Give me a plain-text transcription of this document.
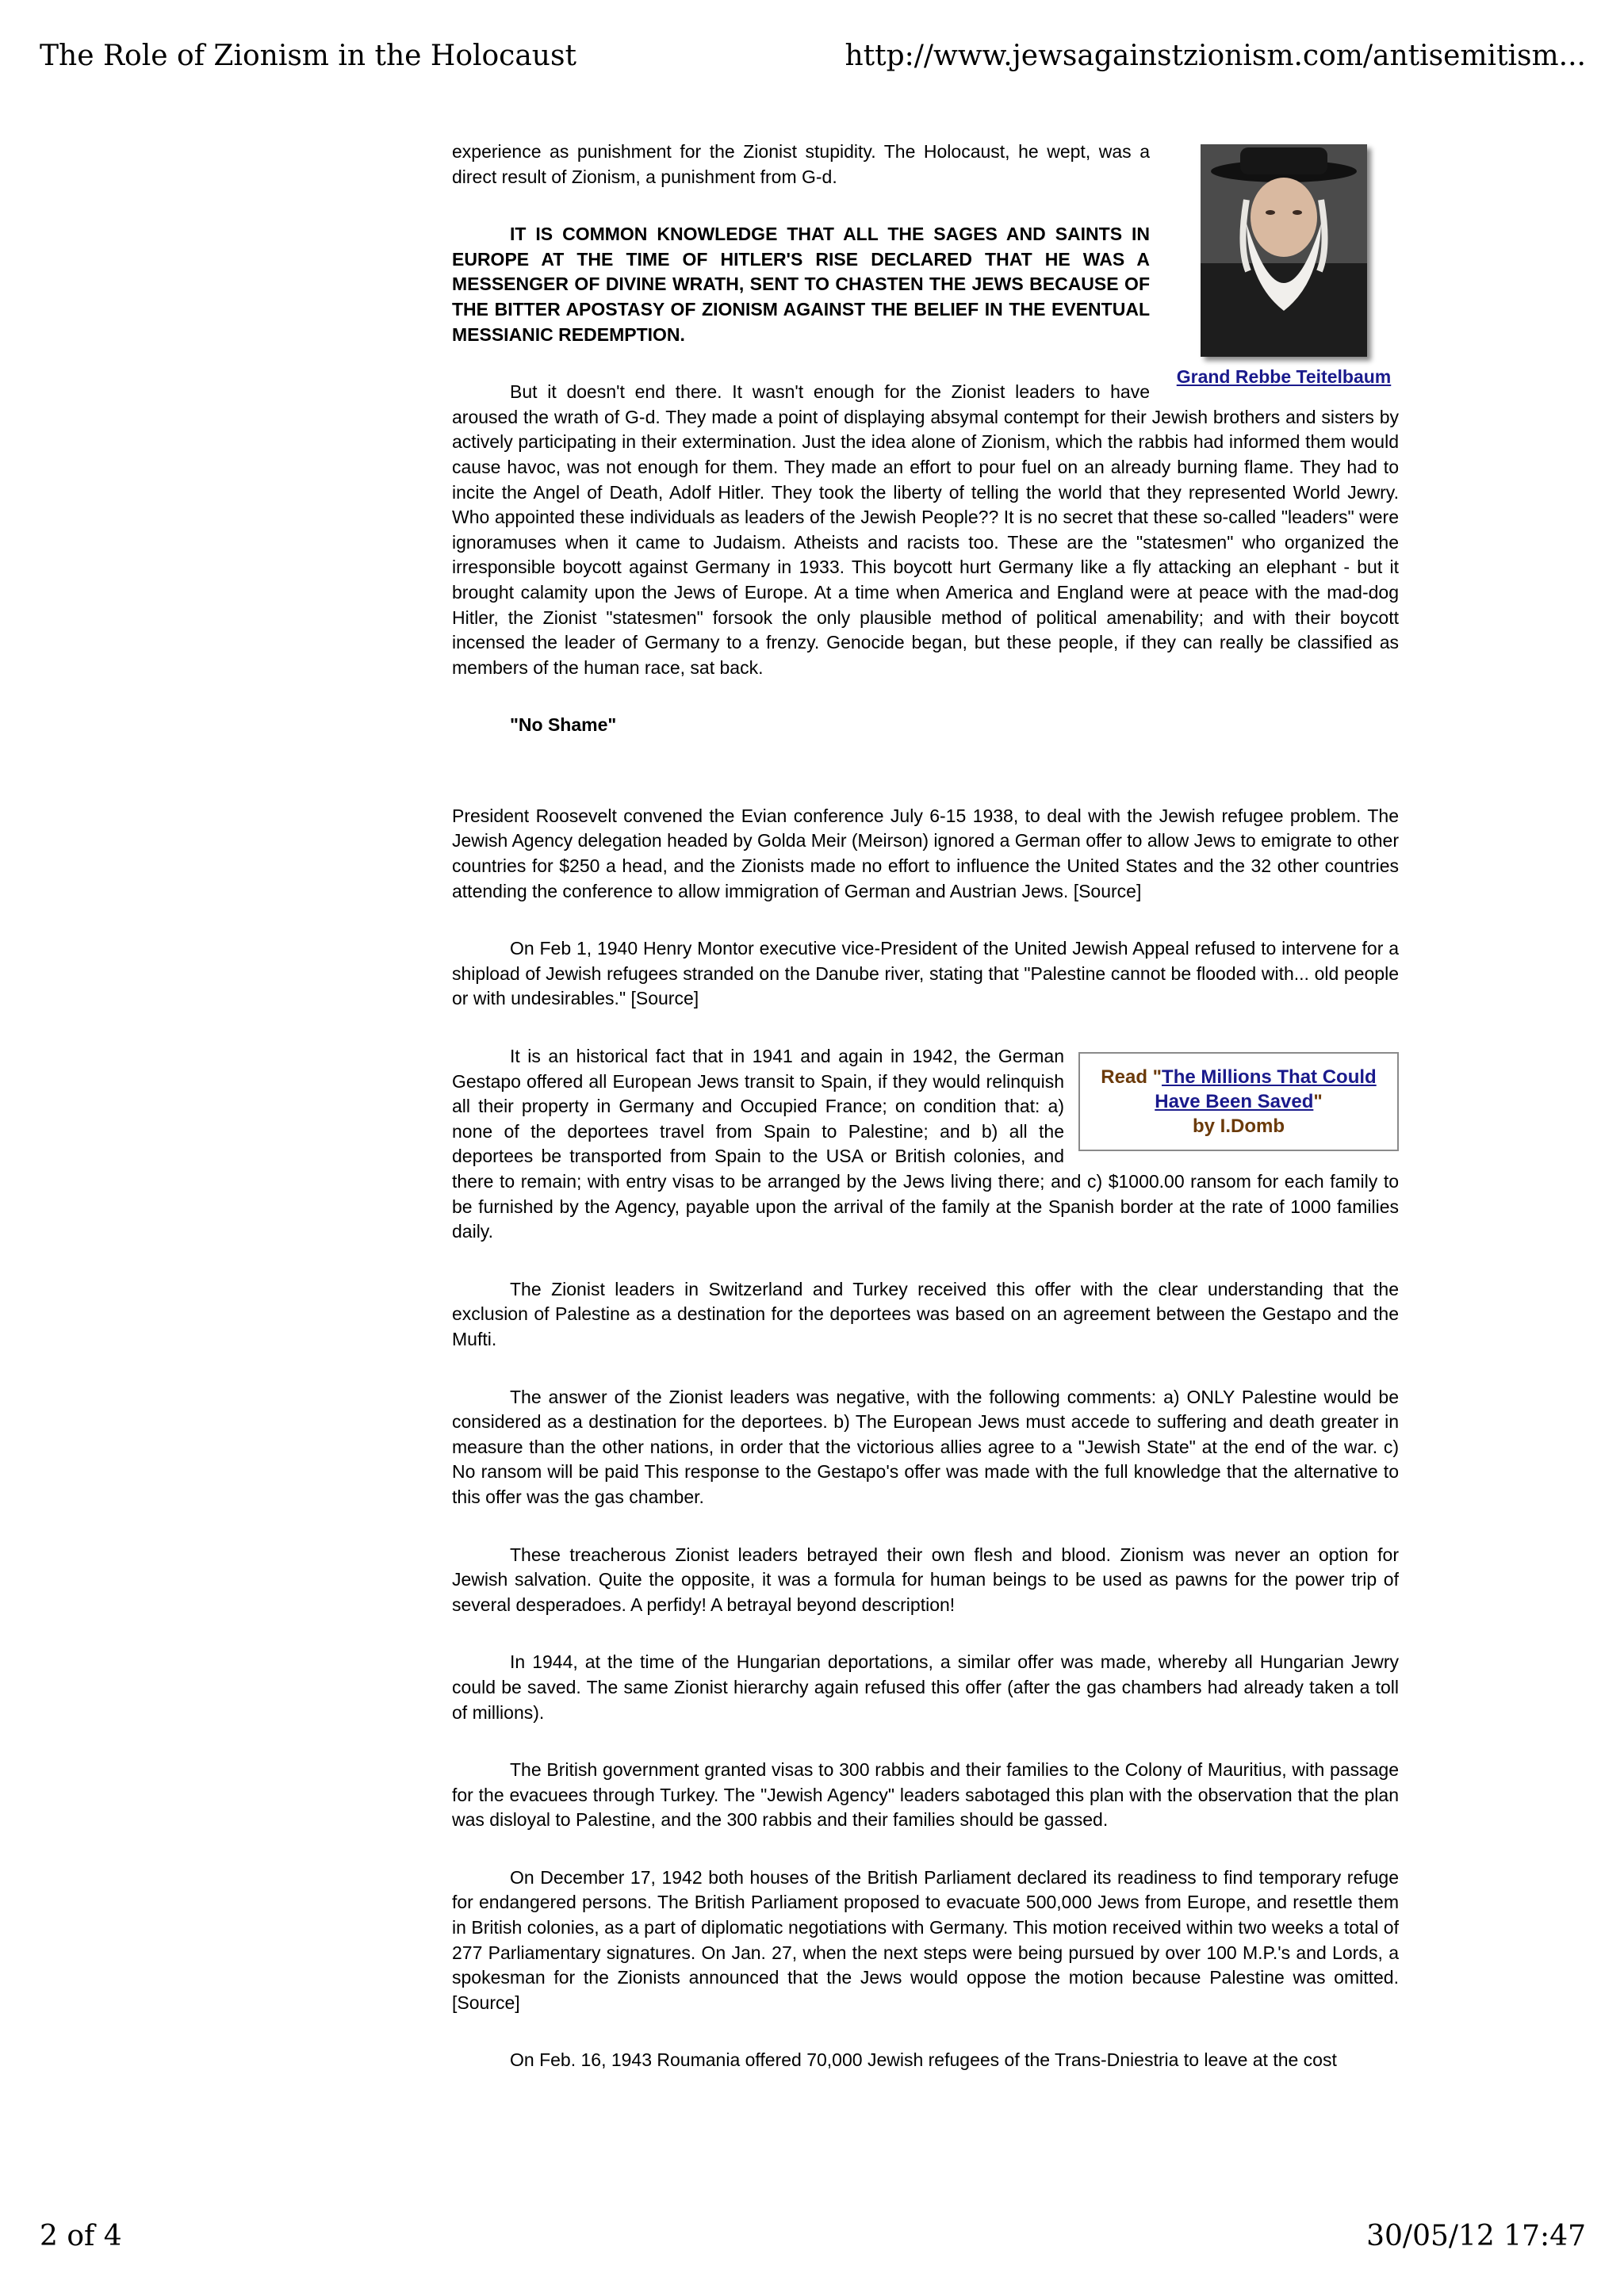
The Role of Zionism in the Holocaust	http://www.jewsagainstzionism.com/antisemitism...
Grand Rebbe Teitelbaum

experience as punishment for the Zionist stupidity. The Holocaust, he wept, was a direct result of Zionism, a punishment from G-d.

IT IS COMMON KNOWLEDGE THAT ALL THE SAGES AND SAINTS IN EUROPE AT THE TIME OF HITLER'S RISE DECLARED THAT HE WAS A MESSENGER OF DIVINE WRATH, SENT TO CHASTEN THE JEWS BECAUSE OF THE BITTER APOSTASY OF ZIONISM AGAINST THE BELIEF IN THE EVENTUAL MESSIANIC REDEMPTION.

But it doesn't end there. It wasn't enough for the Zionist leaders to have aroused the wrath of G-d. They made a point of displaying absymal contempt for their Jewish brothers and sisters by actively participating in their extermination. Just the idea alone of Zionism, which the rabbis had informed them would cause havoc, was not enough for them. They made an effort to pour fuel on an already burning flame. They had to incite the Angel of Death, Adolf Hitler. They took the liberty of telling the world that they represented World Jewry. Who appointed these individuals as leaders of the Jewish People?? It is no secret that these so-called "leaders" were ignoramuses when it came to Judaism. Atheists and racists too. These are the "statesmen" who organized the irresponsible boycott against Germany in 1933. This boycott hurt Germany like a fly attacking an elephant - but it brought calamity upon the Jews of Europe. At a time when America and England were at peace with the mad-dog Hitler, the Zionist "statesmen" forsook the only plausible method of political amenability; and with their boycott incensed the leader of Germany to a frenzy. Genocide began, but these people, if they can really be classified as members of the human race, sat back.

"No Shame"

President Roosevelt convened the Evian conference July 6-15 1938, to deal with the Jewish refugee problem. The Jewish Agency delegation headed by Golda Meir (Meirson) ignored a German offer to allow Jews to emigrate to other countries for $250 a head, and the Zionists made no effort to influence the United States and the 32 other countries attending the conference to allow immigration of German and Austrian Jews. [Source]

On Feb 1, 1940 Henry Montor executive vice-President of the United Jewish Appeal refused to intervene for a shipload of Jewish refugees stranded on the Danube river, stating that "Palestine cannot be flooded with... old people or with undesirables." [Source]

Read "The Millions That Could Have Been Saved"
by I.Domb

It is an historical fact that in 1941 and again in 1942, the German Gestapo offered all European Jews transit to Spain, if they would relinquish all their property in Germany and Occupied France; on condition that: a) none of the deportees travel from Spain to Palestine; and b) all the deportees be transported from Spain to the USA or British colonies, and there to remain; with entry visas to be arranged by the Jews living there; and c) $1000.00 ransom for each family to be furnished by the Agency, payable upon the arrival of the family at the Spanish border at the rate of 1000 families daily.

The Zionist leaders in Switzerland and Turkey received this offer with the clear understanding that the exclusion of Palestine as a destination for the deportees was based on an agreement between the Gestapo and the Mufti.

The answer of the Zionist leaders was negative, with the following comments: a) ONLY Palestine would be considered as a destination for the deportees. b) The European Jews must accede to suffering and death greater in measure than the other nations, in order that the victorious allies agree to a "Jewish State" at the end of the war. c) No ransom will be paid This response to the Gestapo's offer was made with the full knowledge that the alternative to this offer was the gas chamber.

These treacherous Zionist leaders betrayed their own flesh and blood. Zionism was never an option for Jewish salvation. Quite the opposite, it was a formula for human beings to be used as pawns for the power trip of several desperadoes. A perfidy! A betrayal beyond description!

In 1944, at the time of the Hungarian deportations, a similar offer was made, whereby all Hungarian Jewry could be saved. The same Zionist hierarchy again refused this offer (after the gas chambers had already taken a toll of millions).

The British government granted visas to 300 rabbis and their families to the Colony of Mauritius, with passage for the evacuees through Turkey. The "Jewish Agency" leaders sabotaged this plan with the observation that the plan was disloyal to Palestine, and the 300 rabbis and their families should be gassed.

On December 17, 1942 both houses of the British Parliament declared its readiness to find temporary refuge for endangered persons. The British Parliament proposed to evacuate 500,000 Jews from Europe, and resettle them in British colonies, as a part of diplomatic negotiations with Germany. This motion received within two weeks a total of 277 Parliamentary signatures. On Jan. 27, when the next steps were being pursued by over 100 M.P.'s and Lords, a spokesman for the Zionists announced that the Jews would oppose the motion because Palestine was omitted. [Source]

On Feb. 16, 1943 Roumania offered 70,000 Jewish refugees of the Trans-Dniestria to leave at the cost

2 of 4	30/05/12 17:47
